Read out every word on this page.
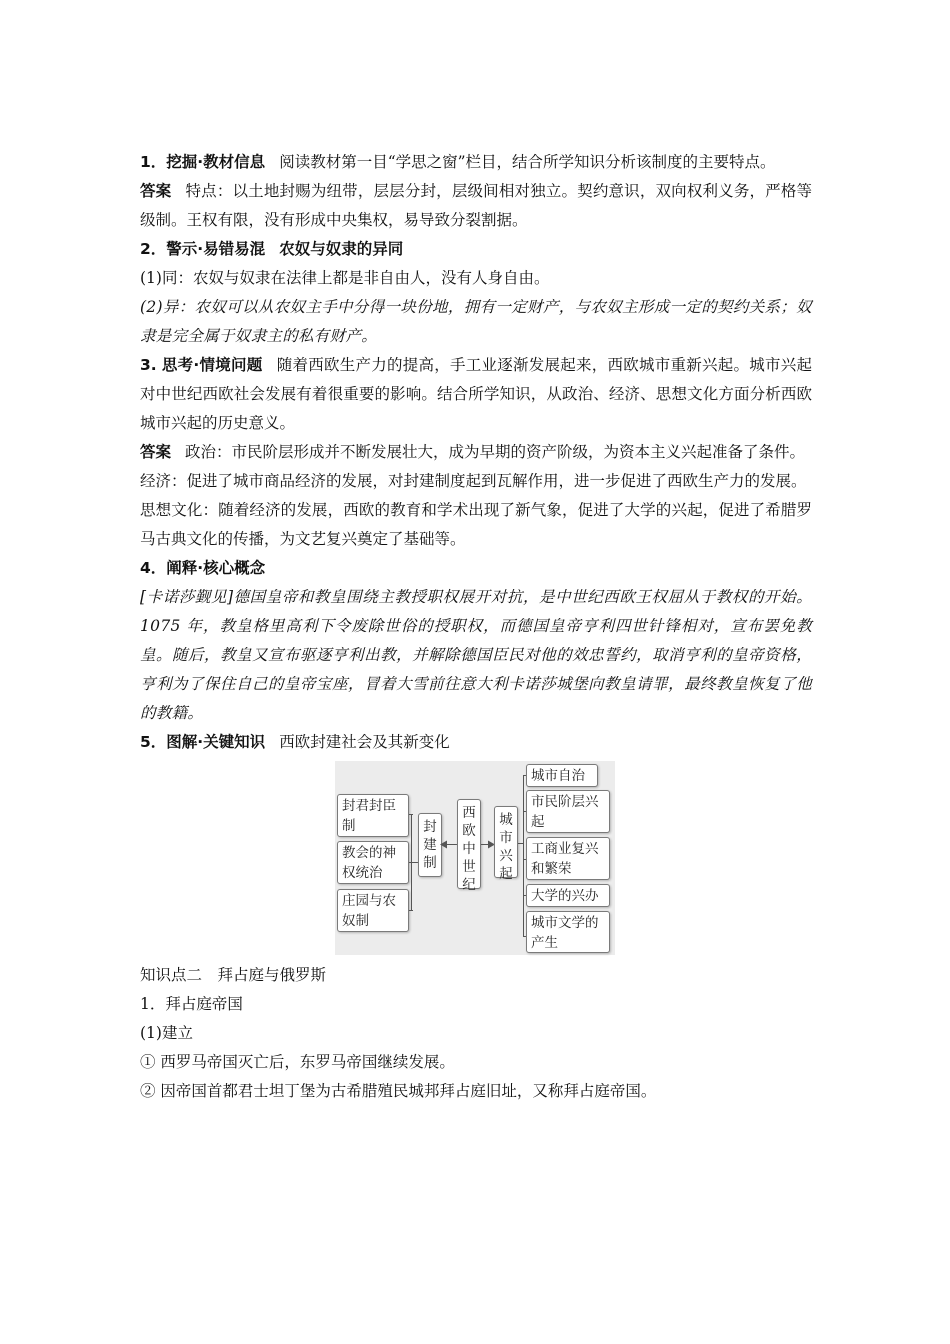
1．挖掘·教材信息 阅读教材第一目“学思之窗”栏目，结合所学知识分析该制度的主要特点。

答案 特点：以土地封赐为纽带，层层分封，层级间相对独立。契约意识，双向权利义务，严格等级制。王权有限，没有形成中央集权，易导致分裂割据。

2．警示·易错易混 农奴与奴隶的异同

(1)同：农奴与奴隶在法律上都是非自由人，没有人身自由。

(2)异：农奴可以从农奴主手中分得一块份地，拥有一定财产，与农奴主形成一定的契约关系；奴隶是完全属于奴隶主的私有财产。

3. 思考·情境问题 随着西欧生产力的提高，手工业逐渐发展起来，西欧城市重新兴起。城市兴起对中世纪西欧社会发展有着很重要的影响。结合所学知识，从政治、经济、思想文化方面分析西欧城市兴起的历史意义。

答案 政治：市民阶层形成并不断发展壮大，成为早期的资产阶级，为资本主义兴起准备了条件。

经济：促进了城市商品经济的发展，对封建制度起到瓦解作用，进一步促进了西欧生产力的发展。

思想文化：随着经济的发展，西欧的教育和学术出现了新气象，促进了大学的兴起，促进了希腊罗马古典文化的传播，为文艺复兴奠定了基础等。

4．阐释·核心概念

[卡诺莎觐见]德国皇帝和教皇围绕主教授职权展开对抗，是中世纪西欧王权屈从于教权的开始。1075 年，教皇格里高利下令废除世俗的授职权，而德国皇帝亨利四世针锋相对，宣布罢免教皇。随后，教皇又宣布驱逐亨利出教，并解除德国臣民对他的效忠誓约，取消亨利的皇帝资格，亨利为了保住自己的皇帝宝座，冒着大雪前往意大利卡诺莎城堡向教皇请罪，最终教皇恢复了他的教籍。

5．图解·关键知识 西欧封建社会及其新变化

封君封臣制
教会的神权统治
庄园与农奴制
封
建
制
西
欧
中
世
纪
城
市
兴
起
城市自治
市民阶层兴起
工商业复兴和繁荣
大学的兴办
城市文学的产生

知识点二　拜占庭与俄罗斯

1．拜占庭帝国

(1)建立

① 西罗马帝国灭亡后，东罗马帝国继续发展。

② 因帝国首都君士坦丁堡为古希腊殖民城邦拜占庭旧址，又称拜占庭帝国。
